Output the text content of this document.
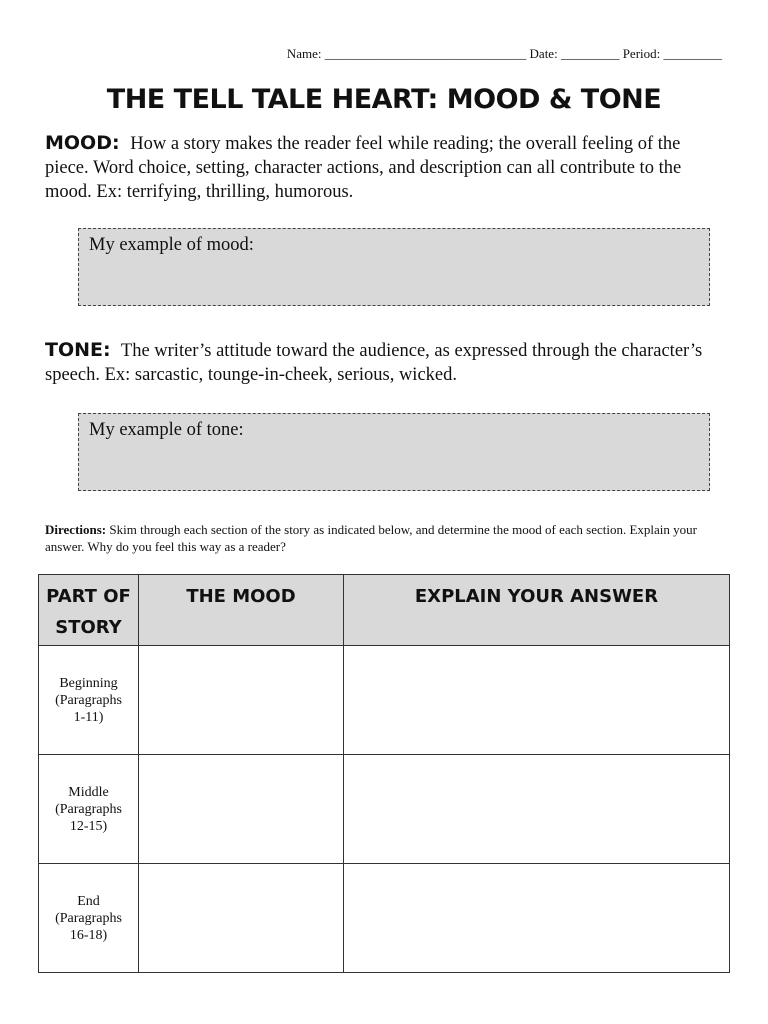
Name: _______________________________ Date: _________ Period: _________
THE TELL TALE HEART: MOOD & TONE
MOOD: How a story makes the reader feel while reading; the overall feeling of the piece. Word choice, setting, character actions, and description can all contribute to the mood. Ex: terrifying, thrilling, humorous.
My example of mood:
TONE: The writer’s attitude toward the audience, as expressed through the character’s speech. Ex: sarcastic, tounge-in-cheek, serious, wicked.
My example of tone:
Directions: Skim through each section of the story as indicated below, and determine the mood of each section. Explain your answer. Why do you feel this way as a reader?
PART OF STORY	THE MOOD	EXPLAIN YOUR ANSWER

Beginning
(Paragraphs
1-11)		

Middle
(Paragraphs
12-15)		

End
(Paragraphs
16-18)		
